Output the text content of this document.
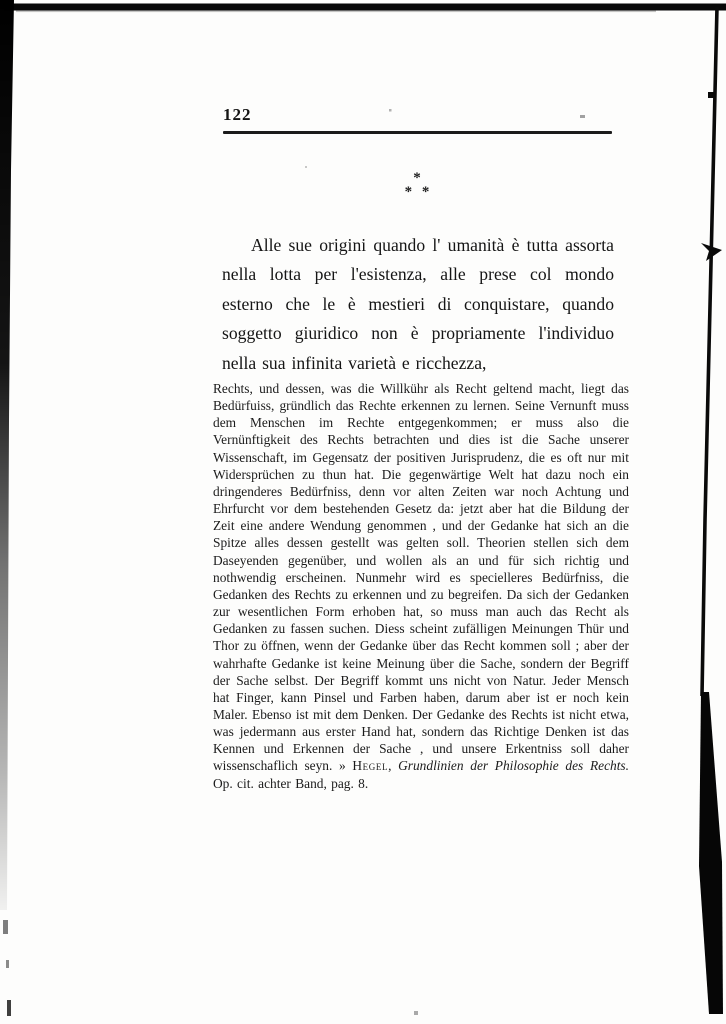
122
*
* *

Alle sue origini quando l' umanità è tutta assorta nella lotta per l'esistenza, alle prese col mondo esterno che le è mestieri di conquistare, quando soggetto giuridico non è propriamente l'individuo nella sua infinita varietà e ricchezza,

Rechts, und dessen, was die Willkühr als Recht geltend macht, liegt das Bedürfuiss, gründlich das Rechte erkennen zu lernen. Seine Vernunft muss dem Menschen im Rechte entgegenkommen; er muss also die Vernünftigkeit des Rechts betrachten und dies ist die Sache unserer Wissenschaft, im Gegensatz der positiven Jurisprudenz, die es oft nur mit Widersprüchen zu thun hat. Die gegenwärtige Welt hat dazu noch ein dringenderes Bedürfniss, denn vor alten Zeiten war noch Achtung und Ehrfurcht vor dem bestehenden Gesetz da: jetzt aber hat die Bildung der Zeit eine andere Wendung genommen , und der Gedanke hat sich an die Spitze alles dessen gestellt was gelten soll. Theorien stellen sich dem Daseyenden gegenüber, und wollen als an und für sich richtig und nothwendig erscheinen. Nunmehr wird es specielleres Bedürfniss, die Gedanken des Rechts zu erkennen und zu begreifen. Da sich der Gedanken zur wesentlichen Form erhoben hat, so muss man auch das Recht als Gedanken zu fassen suchen. Diess scheint zufälligen Meinungen Thür und Thor zu öffnen, wenn der Gedanke über das Recht kommen soll ; aber der wahrhafte Gedanke ist keine Meinung über die Sache, sondern der Begriff der Sache selbst. Der Begriff kommt uns nicht von Natur. Jeder Mensch hat Finger, kann Pinsel und Farben haben, darum aber ist er noch kein Maler. Ebenso ist mit dem Denken. Der Gedanke des Rechts ist nicht etwa, was jedermann aus erster Hand hat, sondern das Richtige Denken ist das Kennen und Erkennen der Sache , und unsere Erkentniss soll daher wissenschaflich seyn. » Hegel, Grundlinien der Philosophie des Rechts. Op. cit. achter Band, pag. 8.
